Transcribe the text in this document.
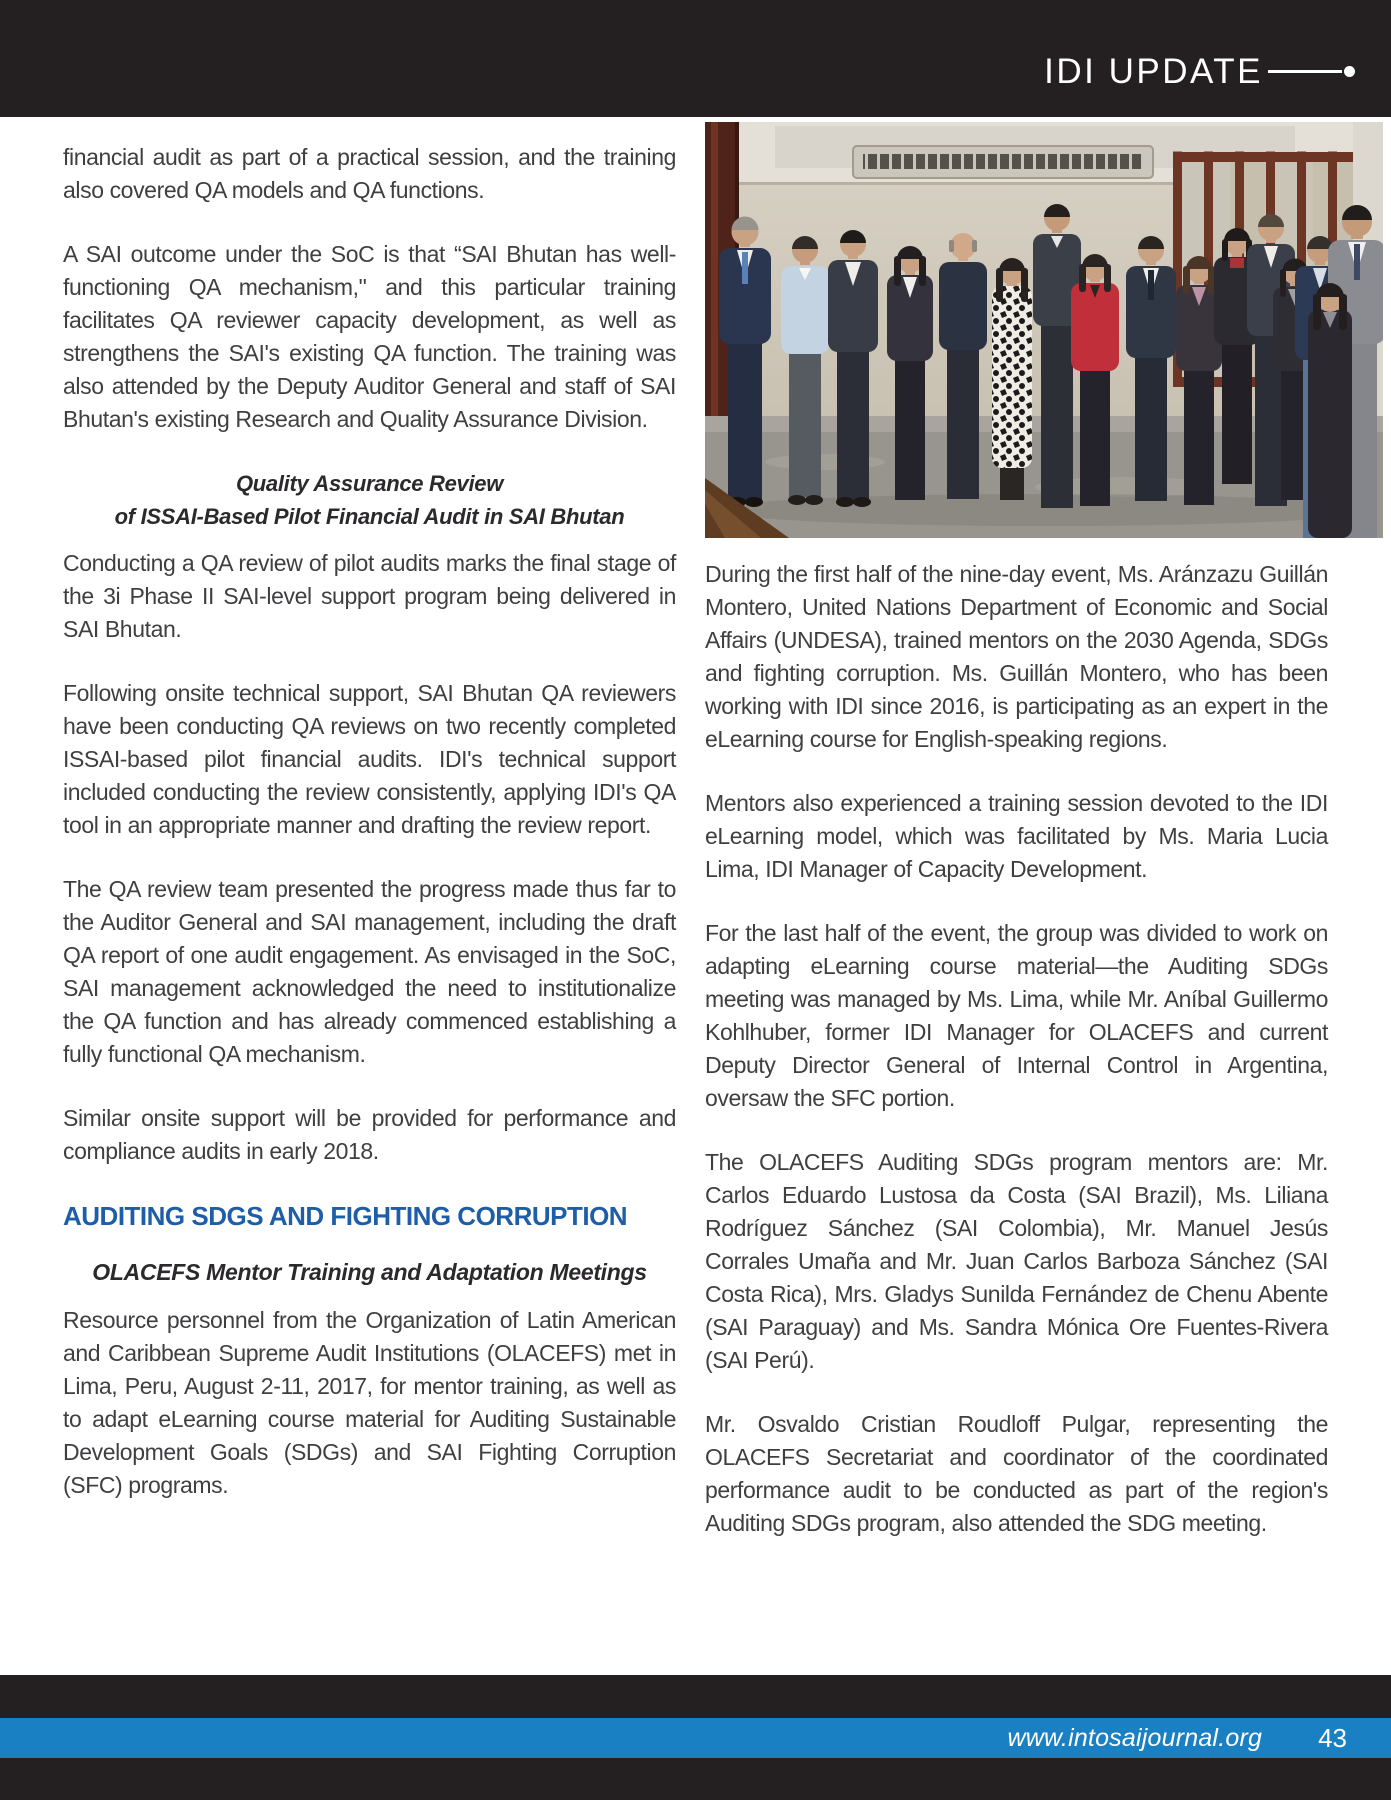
IDI UPDATE

financial audit as part of a practical session, and the training also covered QA models and QA functions.

A SAI outcome under the SoC is that “SAI Bhutan has well-functioning QA mechanism," and this particular training facilitates QA reviewer capacity development, as well as strengthens the SAI's existing QA function. The training was also attended by the Deputy Auditor General and staff of SAI Bhutan's existing Research and Quality Assurance Division.

Quality Assurance Review
of ISSAI-Based Pilot Financial Audit in SAI Bhutan

Conducting a QA review of pilot audits marks the final stage of the 3i Phase II SAI-level support program being delivered in SAI Bhutan.

Following onsite technical support, SAI Bhutan QA reviewers have been conducting QA reviews on two recently completed ISSAI-based pilot financial audits. IDI's technical support included conducting the review consistently, applying IDI's QA tool in an appropriate manner and drafting the review report.

The QA review team presented the progress made thus far to the Auditor General and SAI management, including the draft QA report of one audit engagement. As envisaged in the SoC, SAI management acknowledged the need to institutionalize the QA function and has already commenced establishing a fully functional QA mechanism.

Similar onsite support will be provided for performance and compliance audits in early 2018.

AUDITING SDGS AND FIGHTING CORRUPTION
OLACEFS Mentor Training and Adaptation Meetings

Resource personnel from the Organization of Latin American and Caribbean Supreme Audit Institutions (OLACEFS) met in Lima, Peru, August 2-11, 2017, for mentor training, as well as to adapt eLearning course material for Auditing Sustainable Development Goals (SDGs) and SAI Fighting Corruption (SFC) programs.

During the first half of the nine-day event, Ms. Aránzazu Guillán Montero, United Nations Department of Economic and Social Affairs (UNDESA), trained mentors on the 2030 Agenda, SDGs and fighting corruption. Ms. Guillán Montero, who has been working with IDI since 2016, is participating as an expert in the eLearning course for English-speaking regions.

Mentors also experienced a training session devoted to the IDI eLearning model, which was facilitated by Ms. Maria Lucia Lima, IDI Manager of Capacity Development.

For the last half of the event, the group was divided to work on adapting eLearning course material—the Auditing SDGs meeting was managed by Ms. Lima, while Mr. Aníbal Guillermo Kohlhuber, former IDI Manager for OLACEFS and current Deputy Director General of Internal Control in Argentina, oversaw the SFC portion.

The OLACEFS Auditing SDGs program mentors are: Mr. Carlos Eduardo Lustosa da Costa (SAI Brazil), Ms. Liliana Rodríguez Sánchez (SAI Colombia), Mr. Manuel Jesús Corrales Umaña and Mr. Juan Carlos Barboza Sánchez (SAI Costa Rica), Mrs. Gladys Sunilda Fernández de Chenu Abente (SAI Paraguay) and Ms. Sandra Mónica Ore Fuentes-Rivera (SAI Perú).

Mr. Osvaldo Cristian Roudloff Pulgar, representing the OLACEFS Secretariat and coordinator of the coordinated performance audit to be conducted as part of the region's Auditing SDGs program, also attended the SDG meeting.

www.intosaijournal.org 43
